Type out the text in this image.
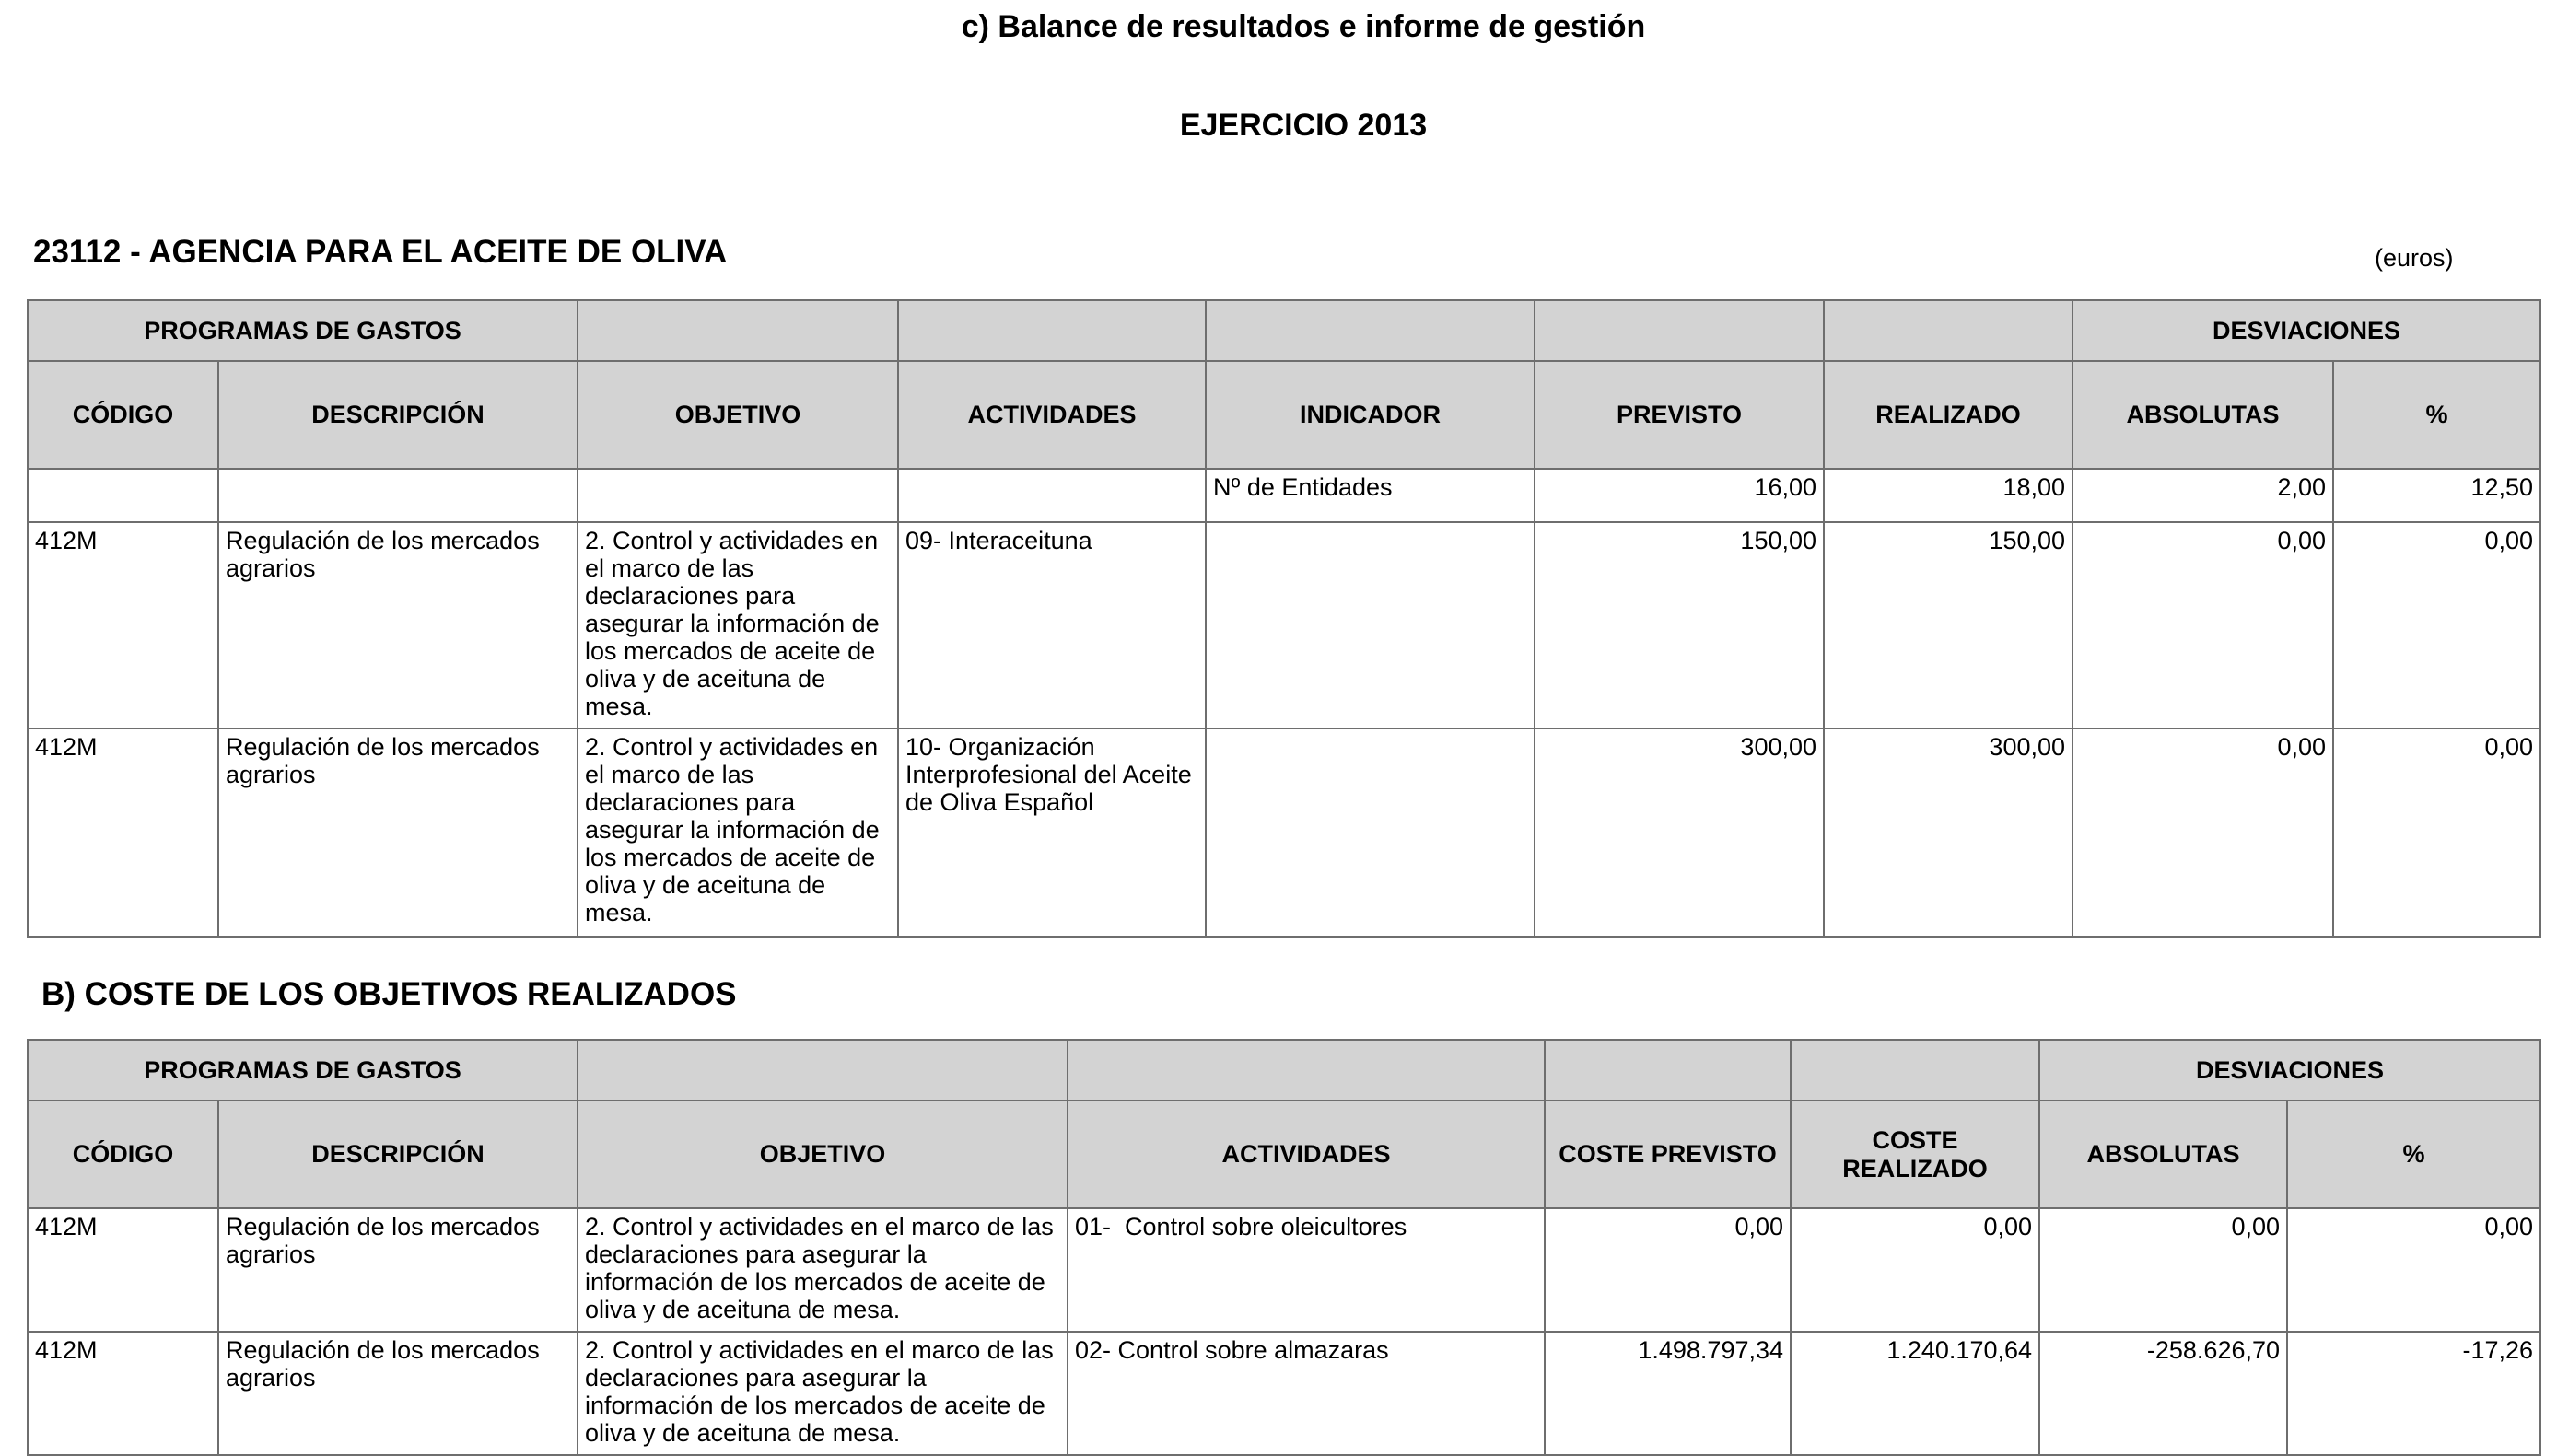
c) Balance de resultados e informe de gestión
EJERCICIO 2013
23112 - AGENCIA PARA EL ACEITE DE OLIVA	(euros)
PROGRAMAS DE GASTOS							DESVIACIONES	
CÓDIGO	DESCRIPCIÓN	OBJETIVO	ACTIVIDADES	INDICADOR	PREVISTO	REALIZADO	ABSOLUTAS	%
				Nº de Entidades	16,00	18,00	2,00	12,50
412M	Regulación de los mercados agrarios	2. Control y actividades en el marco de las declaraciones para asegurar la información de los mercados de aceite de oliva y de aceituna de mesa.	09- Interaceituna		150,00	150,00	0,00	0,00
412M	Regulación de los mercados agrarios	2. Control y actividades en el marco de las declaraciones para asegurar la información de los mercados de aceite de oliva y de aceituna de mesa.	10- Organización Interprofesional del Aceite de Oliva Español		300,00	300,00	0,00	0,00
B) COSTE DE LOS OBJETIVOS REALIZADOS
PROGRAMAS DE GASTOS						DESVIACIONES	
CÓDIGO	DESCRIPCIÓN	OBJETIVO	ACTIVIDADES	COSTE PREVISTO	COSTE REALIZADO	ABSOLUTAS	%
412M	Regulación de los mercados agrarios	2. Control y actividades en el marco de las declaraciones para asegurar la información de los mercados de aceite de oliva y de aceituna de mesa.	01-  Control sobre oleicultores	0,00	0,00	0,00	0,00
412M	Regulación de los mercados agrarios	2. Control y actividades en el marco de las declaraciones para asegurar la información de los mercados de aceite de oliva y de aceituna de mesa.	02- Control sobre almazaras	1.498.797,34	1.240.170,64	-258.626,70	-17,26
